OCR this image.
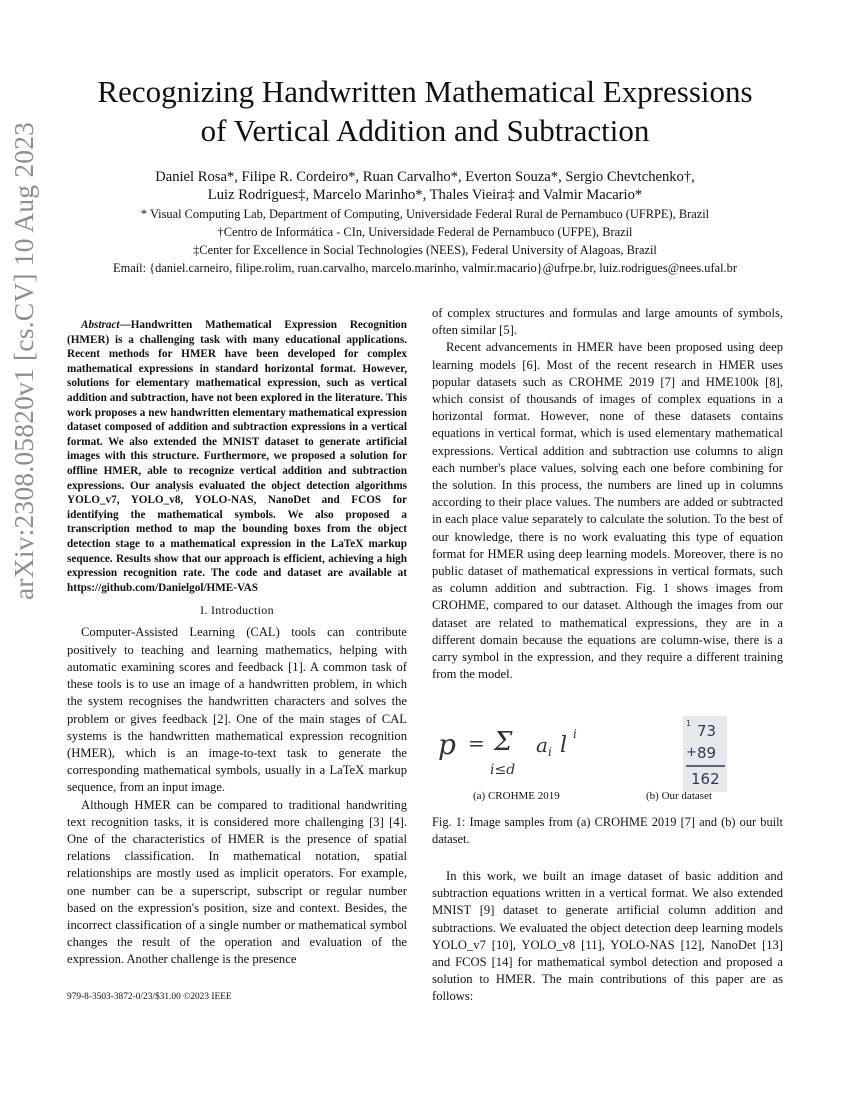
arXiv:2308.05820v1 [cs.CV] 10 Aug 2023
Recognizing Handwritten Mathematical Expressions
of Vertical Addition and Subtraction
Daniel Rosa*, Filipe R. Cordeiro*, Ruan Carvalho*, Everton Souza*, Sergio Chevtchenko†,
Luiz Rodrigues‡, Marcelo Marinho*, Thales Vieira‡ and Valmir Macario*
* Visual Computing Lab, Department of Computing, Universidade Federal Rural de Pernambuco (UFRPE), Brazil
†Centro de Informática - CIn, Universidade Federal de Pernambuco (UFPE), Brazil
‡Center for Excellence in Social Technologies (NEES), Federal University of Alagoas, Brazil
Email: {daniel.carneiro, filipe.rolim, ruan.carvalho, marcelo.marinho, valmir.macario}@ufrpe.br, luiz.rodrigues@nees.ufal.br

Abstract—Handwritten Mathematical Expression Recognition (HMER) is a challenging task with many educational applications. Recent methods for HMER have been developed for complex mathematical expressions in standard horizontal format. However, solutions for elementary mathematical expression, such as vertical addition and subtraction, have not been explored in the literature. This work proposes a new handwritten elementary mathematical expression dataset composed of addition and subtraction expressions in a vertical format. We also extended the MNIST dataset to generate artificial images with this structure. Furthermore, we proposed a solution for offline HMER, able to recognize vertical addition and subtraction expressions. Our analysis evaluated the object detection algorithms YOLO_v7, YOLO_v8, YOLO-NAS, NanoDet and FCOS for identifying the mathematical symbols. We also proposed a transcription method to map the bounding boxes from the object detection stage to a mathematical expression in the LaTeX markup sequence. Results show that our approach is efficient, achieving a high expression recognition rate. The code and dataset are available at https://github.com/Danielgol/HME-VAS

I. Introduction

Computer-Assisted Learning (CAL) tools can contribute positively to teaching and learning mathematics, helping with automatic examining scores and feedback [1]. A common task of these tools is to use an image of a handwritten problem, in which the system recognises the handwritten characters and solves the problem or gives feedback [2]. One of the main stages of CAL systems is the handwritten mathematical expression recognition (HMER), which is an image-to-text task to generate the corresponding mathematical symbols, usually in a LaTeX markup sequence, from an input image.

Although HMER can be compared to traditional handwriting text recognition tasks, it is considered more challenging [3] [4]. One of the characteristics of HMER is the presence of spatial relations classification. In mathematical notation, spatial relationships are mostly used as implicit operators. For example, one number can be a superscript, subscript or regular number based on the expression's position, size and context. Besides, the incorrect classification of a single number or mathematical symbol changes the result of the operation and evaluation of the expression. Another challenge is the presence

979-8-3503-3872-0/23/$31.00 ©2023 IEEE

of complex structures and formulas and large amounts of symbols, often similar [5].

Recent advancements in HMER have been proposed using deep learning models [6]. Most of the recent research in HMER uses popular datasets such as CROHME 2019 [7] and HME100k [8], which consist of thousands of images of complex equations in a horizontal format. However, none of these datasets contains equations in vertical format, which is used elementary mathematical expressions. Vertical addition and subtraction use columns to align each number's place values, solving each one before combining for the solution. In this process, the numbers are lined up in columns according to their place values. The numbers are added or subtracted in each place value separately to calculate the solution. To the best of our knowledge, there is no work evaluating this type of equation format for HMER using deep learning models. Moreover, there is no public dataset of mathematical expressions in vertical formats, such as column addition and subtraction. Fig. 1 shows images from CROHME, compared to our dataset. Although the images from our dataset are related to mathematical expressions, they are in a different domain because the equations are column-wise, there is a carry symbol in the expression, and they require a different training from the model.

p = Σ
i≤d
a i l i
1 73
+ 89
162
(a) CROHME 2019	(b) Our dataset
Fig. 1: Image samples from (a) CROHME 2019 [7] and (b) our built dataset.

In this work, we built an image dataset of basic addition and subtraction equations written in a vertical format. We also extended MNIST [9] dataset to generate artificial column addition and subtractions. We evaluated the object detection deep learning models YOLO_v7 [10], YOLO_v8 [11], YOLO-NAS [12], NanoDet [13] and FCOS [14] for mathematical symbol detection and proposed a solution to HMER. The main contributions of this paper are as follows:
